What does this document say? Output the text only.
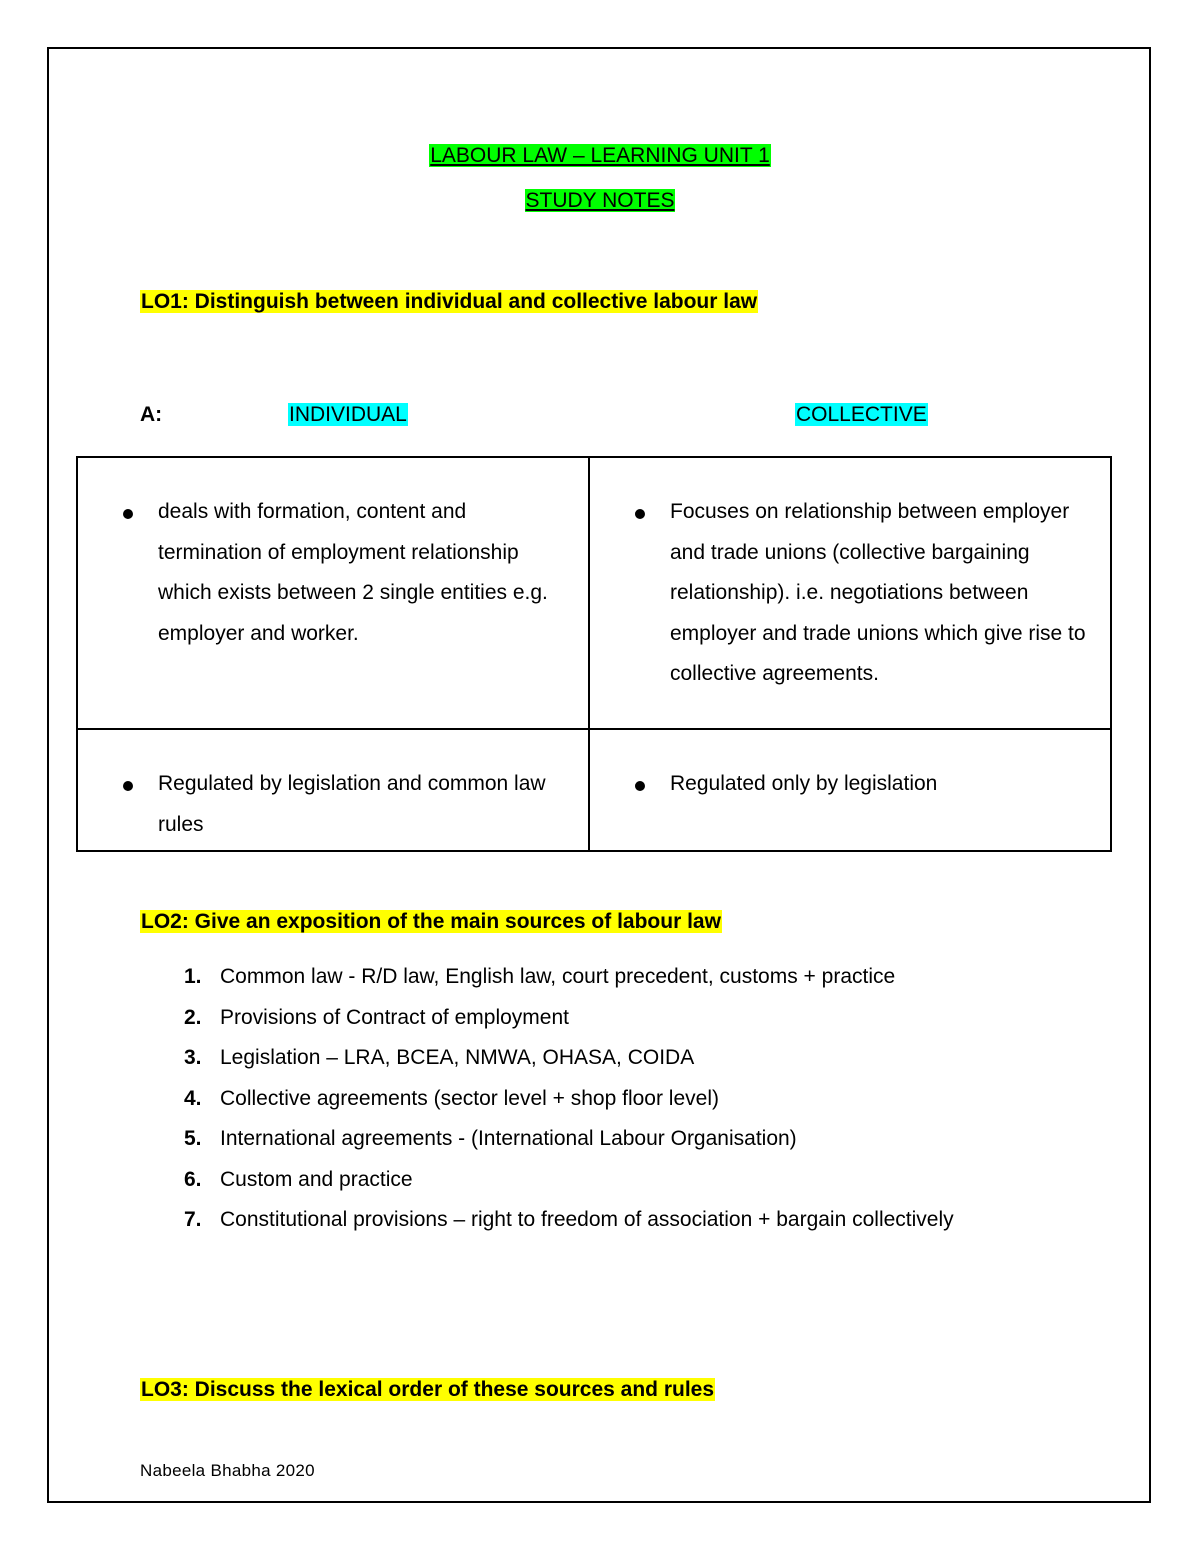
LABOUR LAW – LEARNING UNIT 1
STUDY NOTES
LO1: Distinguish between individual and collective labour law
A:	INDIVIDUAL	COLLECTIVE
deals with formation, content and termination of employment relationship which exists between 2 single entities e.g. employer and worker.	Focuses on relationship between employer and trade unions (collective bargaining relationship). i.e. negotiations between employer and trade unions which give rise to collective agreements.

Regulated by legislation and common law rules	Regulated only by legislation
LO2: Give an exposition of the main sources of labour law
1. Common law - R/D law, English law, court precedent, customs + practice
2. Provisions of Contract of employment
3. Legislation – LRA, BCEA, NMWA, OHASA, COIDA
4. Collective agreements (sector level + shop floor level)
5. International agreements - (International Labour Organisation)
6. Custom and practice
7. Constitutional provisions – right to freedom of association + bargain collectively
LO3: Discuss the lexical order of these sources and rules
Nabeela Bhabha 2020
